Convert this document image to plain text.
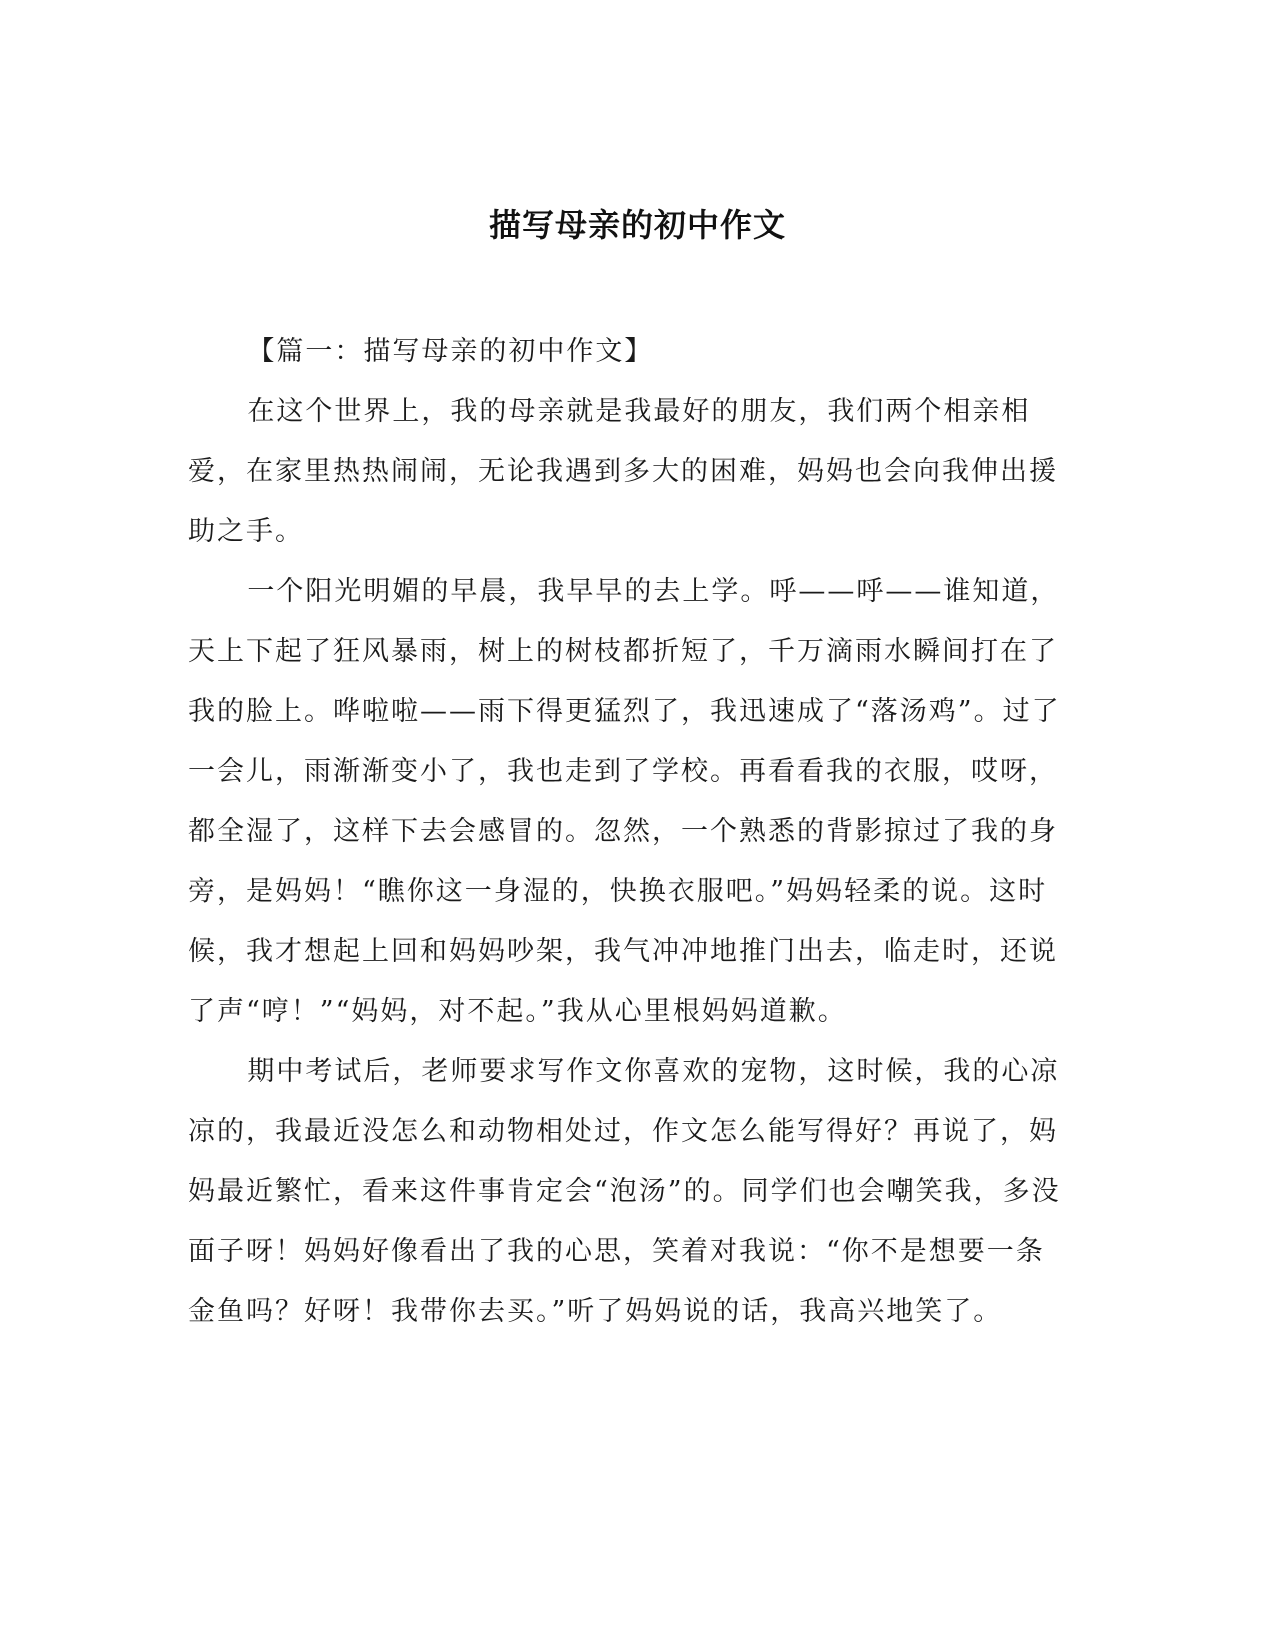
描写母亲的初中作文

【篇一：描写母亲的初中作文】

在这个世界上，我的母亲就是我最好的朋友，我们两个相亲相爱，在家里热热闹闹，无论我遇到多大的困难，妈妈也会向我伸出援助之手。

一个阳光明媚的早晨，我早早的去上学。呼——呼——谁知道，天上下起了狂风暴雨，树上的树枝都折短了，千万滴雨水瞬间打在了我的脸上。哗啦啦——雨下得更猛烈了，我迅速成了“落汤鸡”。过了一会儿，雨渐渐变小了，我也走到了学校。再看看我的衣服，哎呀，都全湿了，这样下去会感冒的。忽然，一个熟悉的背影掠过了我的身旁，是妈妈！“瞧你这一身湿的，快换衣服吧。”妈妈轻柔的说。这时候，我才想起上回和妈妈吵架，我气冲冲地推门出去，临走时，还说了声“哼！”“妈妈，对不起。”我从心里根妈妈道歉。

期中考试后，老师要求写作文你喜欢的宠物，这时候，我的心凉凉的，我最近没怎么和动物相处过，作文怎么能写得好？再说了，妈妈最近繁忙，看来这件事肯定会“泡汤”的。同学们也会嘲笑我，多没面子呀！妈妈好像看出了我的心思，笑着对我说：“你不是想要一条金鱼吗？好呀！我带你去买。”听了妈妈说的话，我高兴地笑了。
